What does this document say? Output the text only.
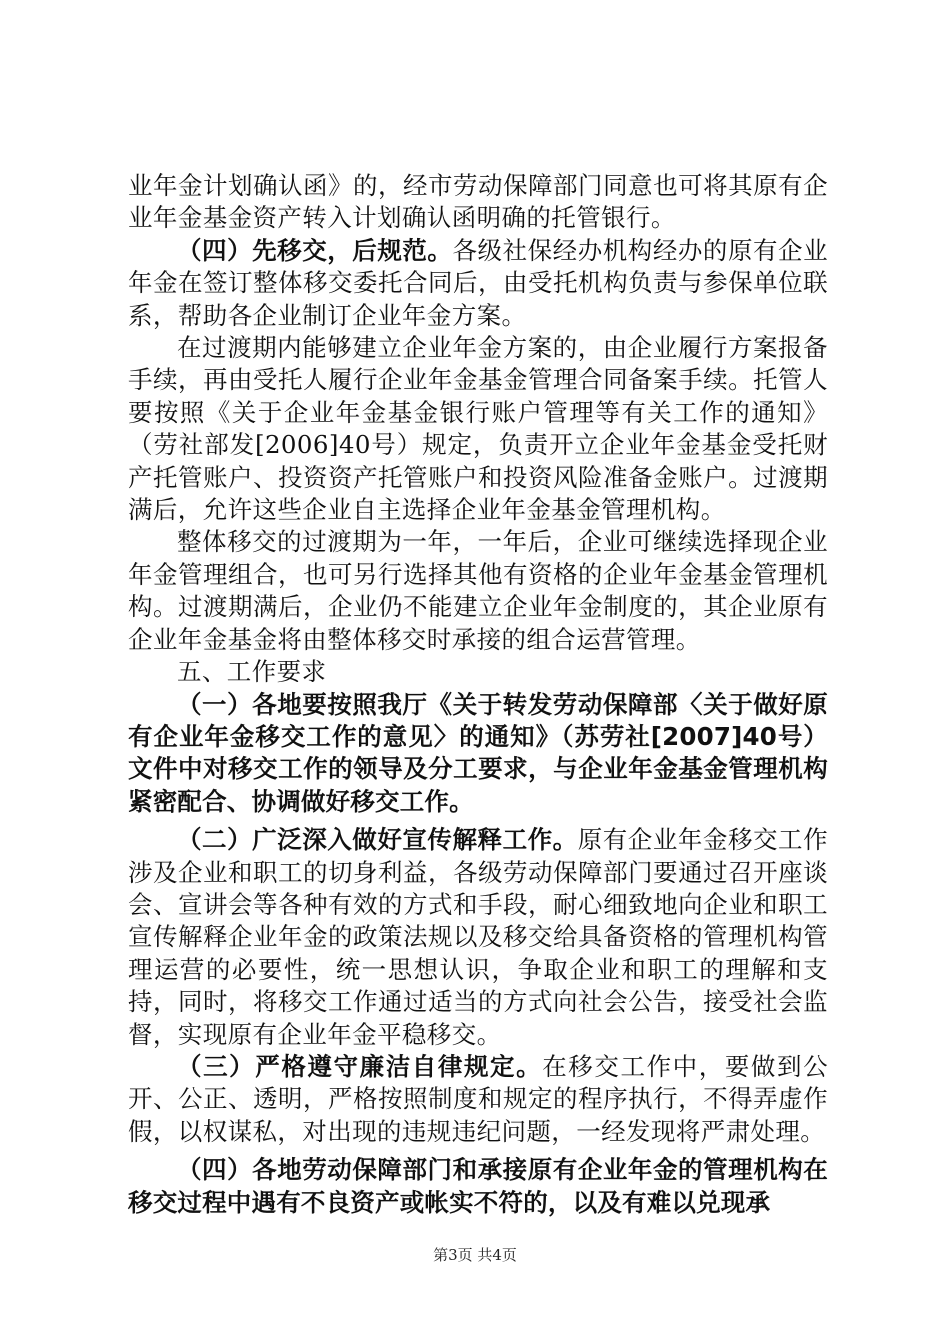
业年金计划确认函》的，经市劳动保障部门同意也可将其原有企业年金基金资产转入计划确认函明确的托管银行。

（四）先移交，后规范。各级社保经办机构经办的原有企业年金在签订整体移交委托合同后，由受托机构负责与参保单位联系，帮助各企业制订企业年金方案。

在过渡期内能够建立企业年金方案的，由企业履行方案报备手续，再由受托人履行企业年金基金管理合同备案手续。托管人要按照《关于企业年金基金银行账户管理等有关工作的通知》（劳社部发[2006]40号）规定，负责开立企业年金基金受托财产托管账户、投资资产托管账户和投资风险准备金账户。过渡期满后，允许这些企业自主选择企业年金基金管理机构。

整体移交的过渡期为一年，一年后，企业可继续选择现企业年金管理组合，也可另行选择其他有资格的企业年金基金管理机构。过渡期满后，企业仍不能建立企业年金制度的，其企业原有企业年金基金将由整体移交时承接的组合运营管理。

五、工作要求

（一）各地要按照我厅《关于转发劳动保障部〈关于做好原有企业年金移交工作的意见〉的通知》（苏劳社[2007]40号）文件中对移交工作的领导及分工要求，与企业年金基金管理机构紧密配合、协调做好移交工作。

（二）广泛深入做好宣传解释工作。原有企业年金移交工作涉及企业和职工的切身利益，各级劳动保障部门要通过召开座谈会、宣讲会等各种有效的方式和手段，耐心细致地向企业和职工宣传解释企业年金的政策法规以及移交给具备资格的管理机构管理运营的必要性，统一思想认识，争取企业和职工的理解和支持，同时，将移交工作通过适当的方式向社会公告，接受社会监督，实现原有企业年金平稳移交。

（三）严格遵守廉洁自律规定。在移交工作中，要做到公开、公正、透明，严格按照制度和规定的程序执行，不得弄虚作假，以权谋私，对出现的违规违纪问题，一经发现将严肃处理。

（四）各地劳动保障部门和承接原有企业年金的管理机构在移交过程中遇有不良资产或帐实不符的，以及有难以兑现承

第3页 共4页
